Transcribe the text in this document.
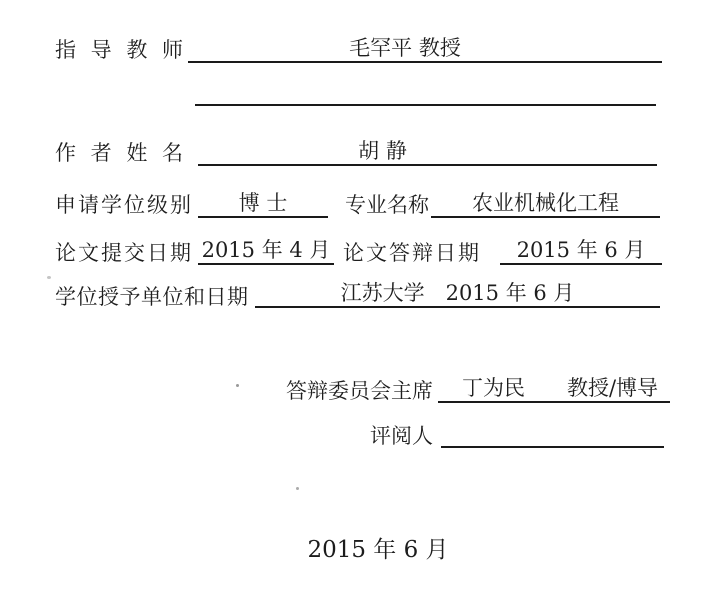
指 导 教 师	毛罕平 教授
作 者 姓 名	胡 静
申请学位级别	博 士	专业名称	农业机械化工程
论文提交日期 2015 年 4 月 论文答辩日期	2015 年 6 月
学位授予单位和日期	江苏大学　2015 年 6 月
答辩委员会主席	丁为民　　教授/博导
评阅人
2015 年 6 月
